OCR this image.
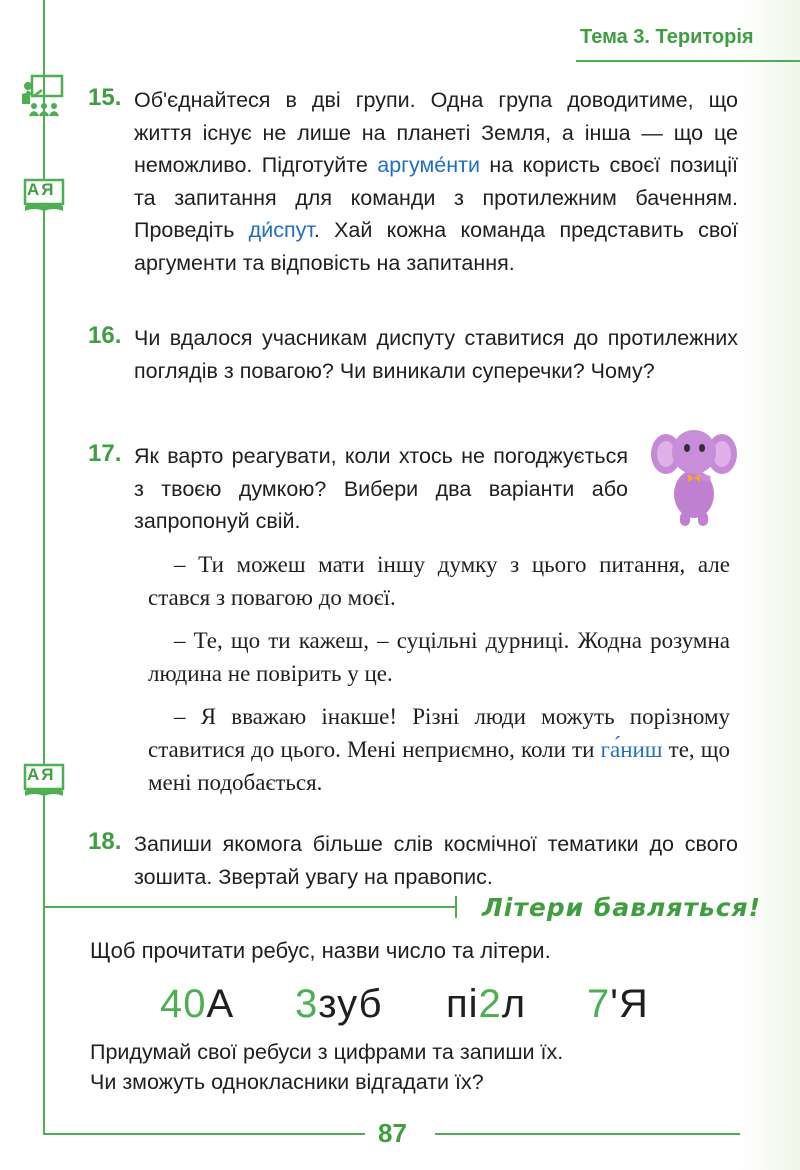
Тема 3. Територія
АЯ
АЯ
15. Об'єднайтеся в дві групи. Одна група доводитиме, що життя існує не лише на планеті Земля, а інша — що це неможливо. Підготуйте аргуме́нти на користь своєї позиції та запитання для команди з протилежним баченням. Проведіть ди́спут. Хай кожна команда представить свої аргументи та відповість на запитання.
16. Чи вдалося учасникам диспуту ставитися до протилежних поглядів з повагою? Чи виникали суперечки? Чому?
17. Як варто реагувати, коли хтось не погоджується з твоєю думкою? Вибери два варіанти або запропонуй свій.

– Ти можеш мати іншу думку з цього питання, але стався з повагою до моєї.

– Те, що ти кажеш, – суцільні дурниці. Жодна розумна людина не повірить у це.

– Я вважаю інакше! Різні люди можуть порізному ставитися до цього. Мені неприємно, коли ти га́ниш те, що мені подобається.

18. Запиши якомога більше слів космічної тематики до свого зошита. Звертай увагу на правопис.
Літери бавляться!
Щоб прочитати ребус, назви число та літери.
40А 3зуб пі2л 7'Я
Придумай свої ребуси з цифрами та запиши їх.
Чи зможуть однокласники відгадати їх?
87
